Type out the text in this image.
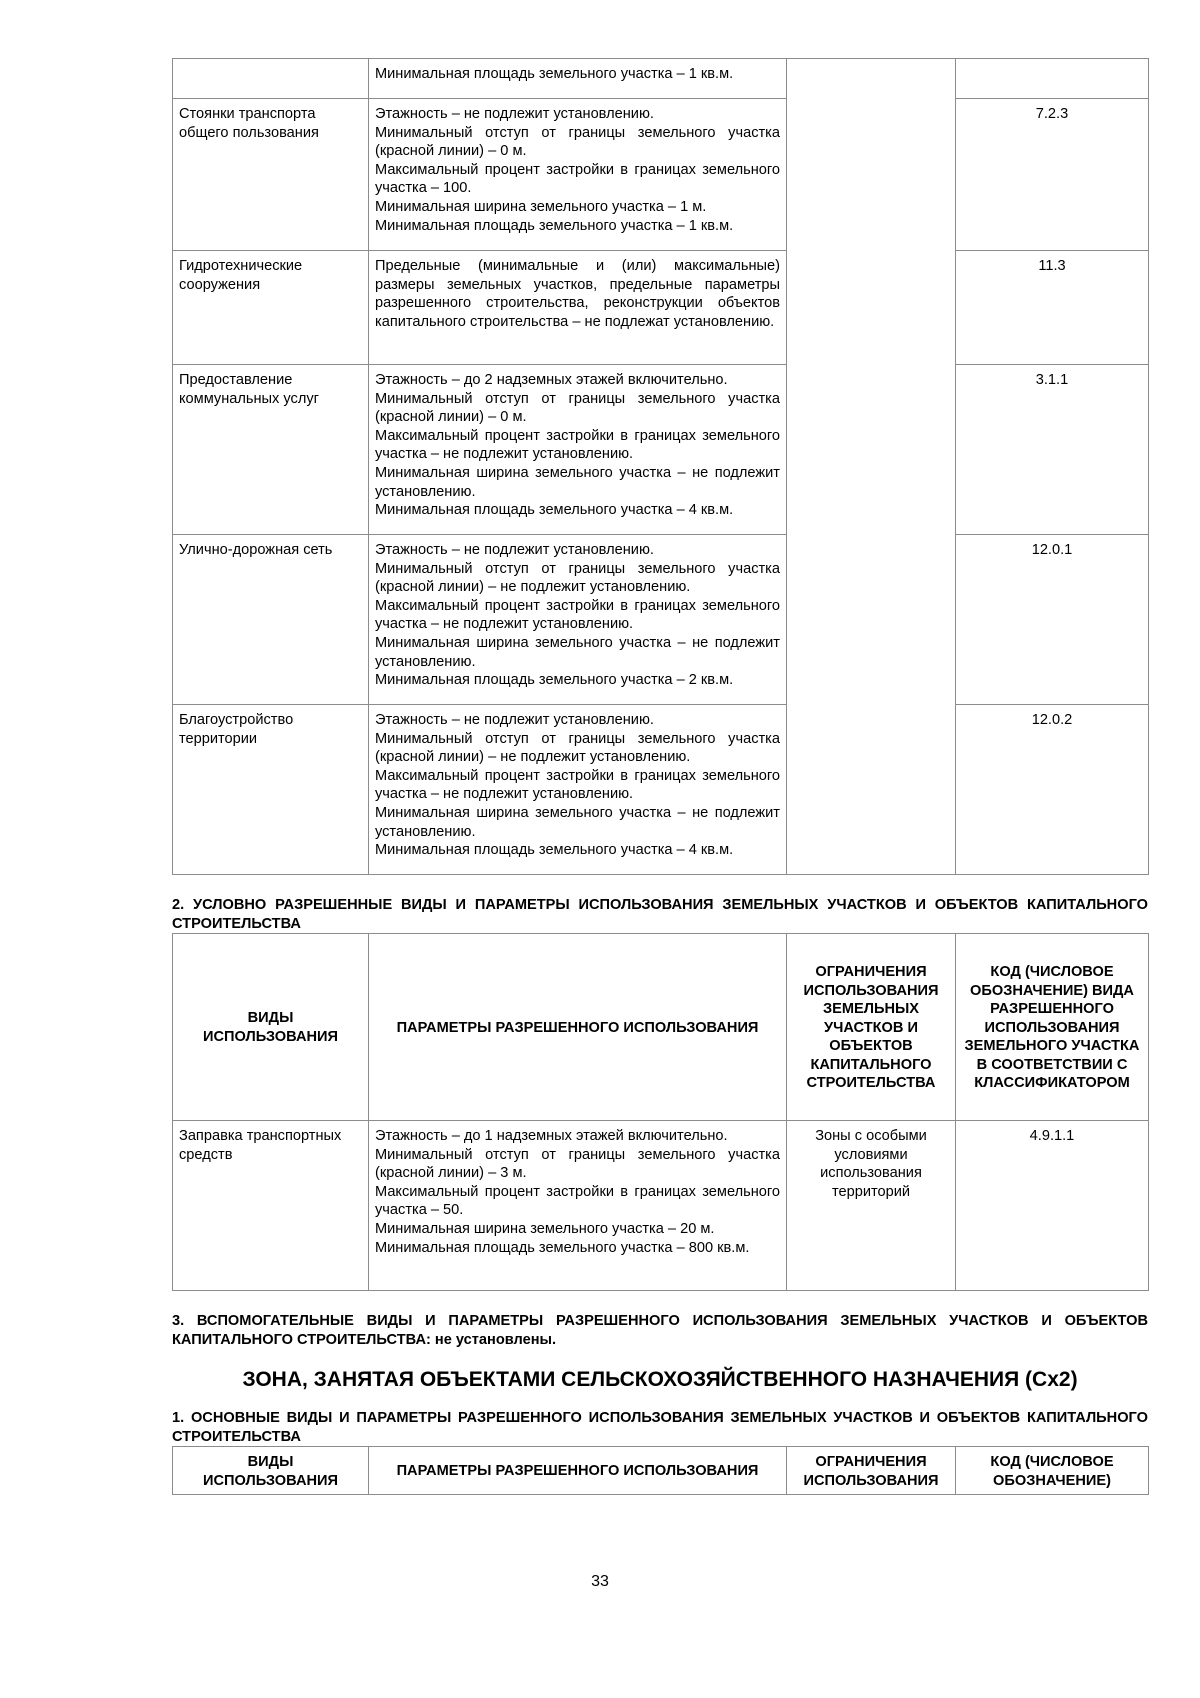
	Минимальная площадь земельного участка – 1 кв.м.		

Стоянки транспорта общего пользования	Этажность – не подлежит установлению.
Минимальный отступ от границы земельного участка (красной линии) – 0 м.
Максимальный процент застройки в границах земельного участка – 100.
Минимальная ширина земельного участка – 1 м.
Минимальная площадь земельного участка – 1 кв.м.		7.2.3
Гидротехнические сооружения	Предельные (минимальные и (или) максимальные) размеры земельных участков, предельные параметры разрешенного строительства, реконструкции объектов капитального строительства – не подлежат установлению.		11.3
Предоставление коммунальных услуг	Этажность – до 2 надземных этажей включительно.
Минимальный отступ от границы земельного участка (красной линии) – 0 м.
Максимальный процент застройки в границах земельного участка – не подлежит установлению.
Минимальная ширина земельного участка – не подлежит установлению.
Минимальная площадь земельного участка – 4 кв.м.		3.1.1
Улично-дорожная сеть	Этажность – не подлежит установлению.
Минимальный отступ от границы земельного участка (красной линии) – не подлежит установлению.
Максимальный процент застройки в границах земельного участка – не подлежит установлению.
Минимальная ширина земельного участка – не подлежит установлению.
Минимальная площадь земельного участка – 2 кв.м.		12.0.1
Благоустройство территории	Этажность – не подлежит установлению.
Минимальный отступ от границы земельного участка (красной линии) – не подлежит установлению.
Максимальный процент застройки в границах земельного участка – не подлежит установлению.
Минимальная ширина земельного участка – не подлежит установлению.
Минимальная площадь земельного участка – 4 кв.м.		12.0.2
2. УСЛОВНО РАЗРЕШЕННЫЕ ВИДЫ И ПАРАМЕТРЫ ИСПОЛЬЗОВАНИЯ ЗЕМЕЛЬНЫХ УЧАСТКОВ И ОБЪЕКТОВ КАПИТАЛЬНОГО СТРОИТЕЛЬСТВА
ВИДЫ ИСПОЛЬЗОВАНИЯ	ПАРАМЕТРЫ РАЗРЕШЕННОГО ИСПОЛЬЗОВАНИЯ	ОГРАНИЧЕНИЯ ИСПОЛЬЗОВАНИЯ ЗЕМЕЛЬНЫХ УЧАСТКОВ И ОБЪЕКТОВ КАПИТАЛЬНОГО СТРОИТЕЛЬСТВА	КОД (ЧИСЛОВОЕ ОБОЗНАЧЕНИЕ) ВИДА РАЗРЕШЕННОГО ИСПОЛЬЗОВАНИЯ ЗЕМЕЛЬНОГО УЧАСТКА В СООТВЕТСТВИИ С КЛАССИФИКАТОРОМ
Заправка транспортных средств	Этажность – до 1 надземных этажей включительно.
Минимальный отступ от границы земельного участка (красной линии) – 3 м.
Максимальный процент застройки в границах земельного участка – 50.
Минимальная ширина земельного участка – 20 м.
Минимальная площадь земельного участка – 800 кв.м.	Зоны с особыми условиями использования территорий	4.9.1.1
3. ВСПОМОГАТЕЛЬНЫЕ ВИДЫ И ПАРАМЕТРЫ РАЗРЕШЕННОГО ИСПОЛЬЗОВАНИЯ ЗЕМЕЛЬНЫХ УЧАСТКОВ И ОБЪЕКТОВ КАПИТАЛЬНОГО СТРОИТЕЛЬСТВА: не установлены.
ЗОНА, ЗАНЯТАЯ ОБЪЕКТАМИ СЕЛЬСКОХОЗЯЙСТВЕННОГО НАЗНАЧЕНИЯ (Сх2)
1. ОСНОВНЫЕ ВИДЫ И ПАРАМЕТРЫ РАЗРЕШЕННОГО ИСПОЛЬЗОВАНИЯ ЗЕМЕЛЬНЫХ УЧАСТКОВ И ОБЪЕКТОВ КАПИТАЛЬНОГО СТРОИТЕЛЬСТВА
ВИДЫ ИСПОЛЬЗОВАНИЯ	ПАРАМЕТРЫ РАЗРЕШЕННОГО ИСПОЛЬЗОВАНИЯ	ОГРАНИЧЕНИЯ ИСПОЛЬЗОВАНИЯ	КОД (ЧИСЛОВОЕ ОБОЗНАЧЕНИЕ)
33
